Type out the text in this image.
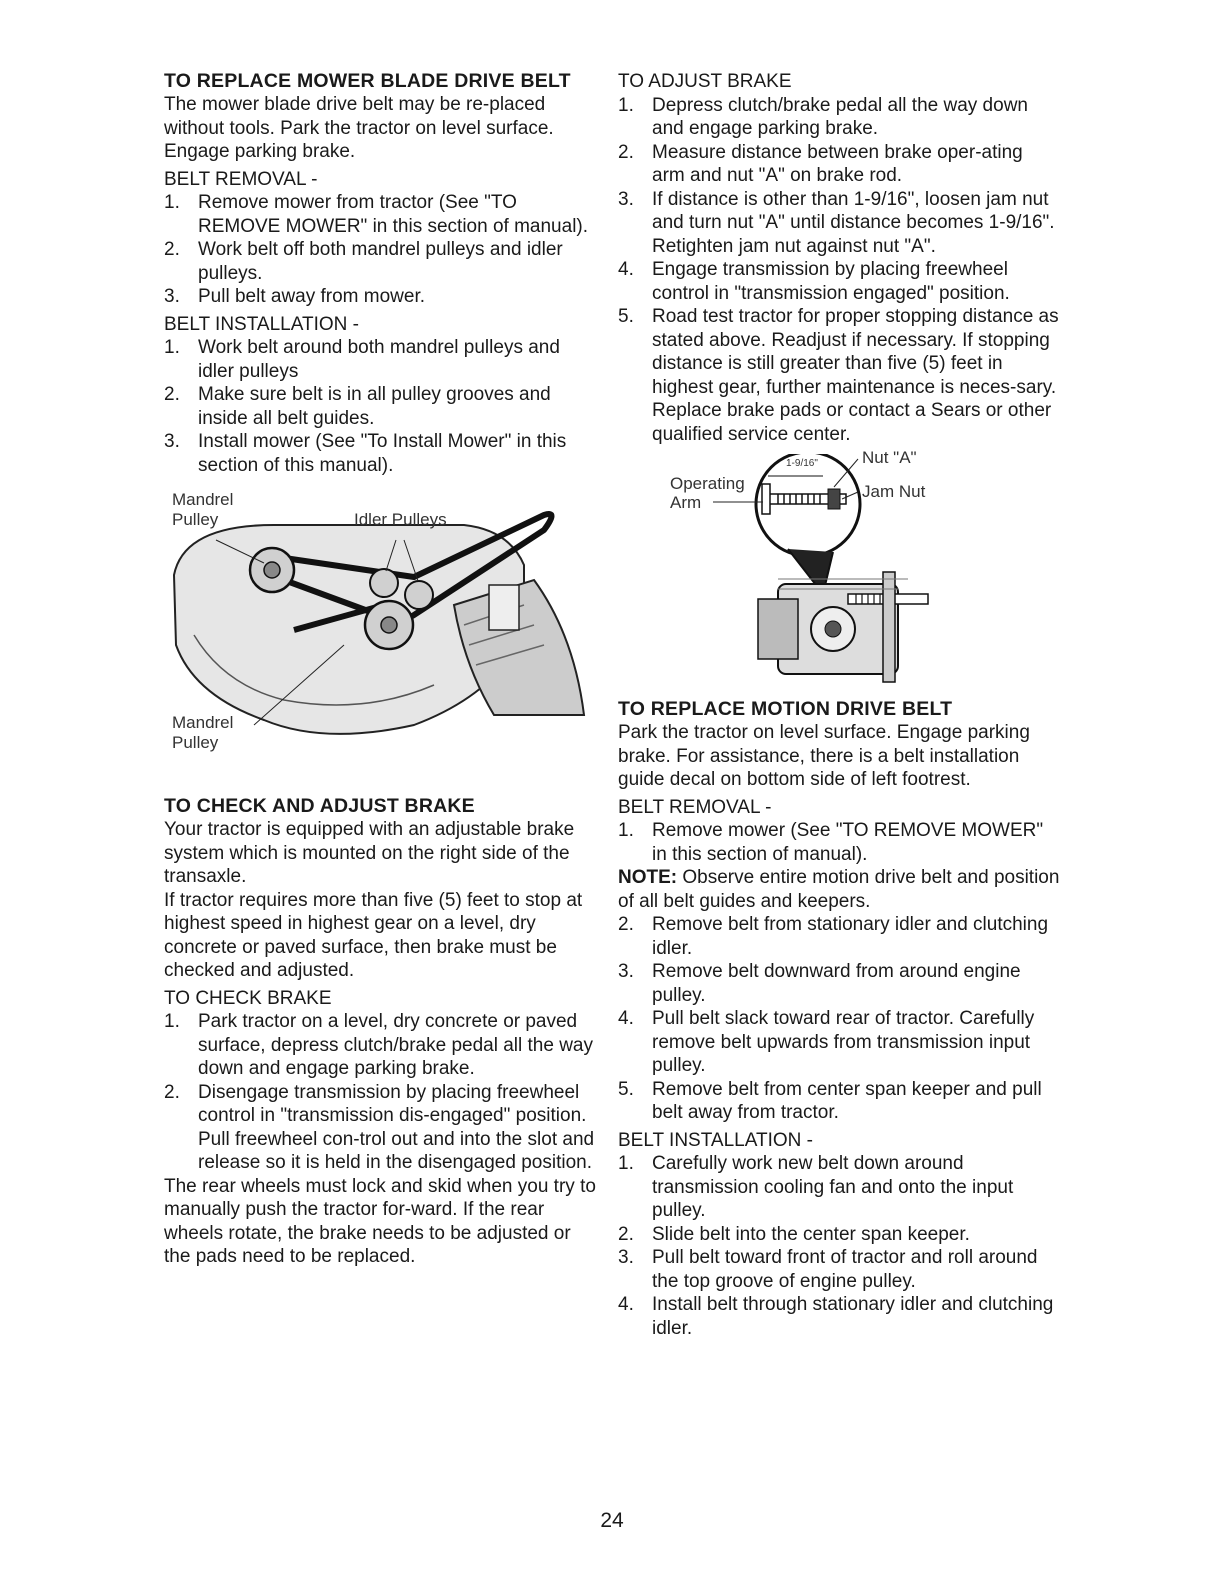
TO REPLACE MOWER BLADE DRIVE BELT

The mower blade drive belt may be re-placed without tools. Park the tractor on level surface. Engage parking brake.

BELT REMOVAL -

1. Remove mower from tractor (See "TO REMOVE MOWER" in this section of manual).
2. Work belt off both mandrel pulleys and idler pulleys.
3. Pull belt away from mower.

BELT INSTALLATION -

1. Work belt around both mandrel pulleys and idler pulleys
2. Make sure belt is in all pulley grooves and inside all belt guides.
3. Install mower (See "To Install Mower" in this section of this manual).
Mandrel Pulley	Idler Pulleys
Mandrel Pulley
TO CHECK AND ADJUST BRAKE

Your tractor is equipped with an adjustable brake system which is mounted on the right side of the transaxle.

If tractor requires more than five (5) feet to stop at highest speed in highest gear on a level, dry concrete or paved surface, then brake must be checked and adjusted.

TO CHECK BRAKE

1. Park tractor on a level, dry concrete or paved surface, depress clutch/brake pedal all the way down and engage parking brake.
2. Disengage transmission by placing freewheel control in "transmission dis-engaged" position. Pull freewheel con-trol out and into the slot and release so it is held in the disengaged position.

The rear wheels must lock and skid when you try to manually push the tractor for-ward. If the rear wheels rotate, the brake needs to be adjusted or the pads need to be replaced.

TO ADJUST BRAKE

1. Depress clutch/brake pedal all the way down and engage parking brake.
2. Measure distance between brake oper-ating arm and nut "A" on brake rod.
3. If distance is other than 1-9/16", loosen jam nut and turn nut "A" until distance becomes 1-9/16". Retighten jam nut against nut "A".
4. Engage transmission by placing freewheel control in "transmission engaged" position.
5. Road test tractor for proper stopping distance as stated above. Readjust if necessary. If stopping distance is still greater than five (5) feet in highest gear, further maintenance is neces-sary. Replace brake pads or contact a Sears or other qualified service center.
Operating Arm
Nut "A"
Jam Nut
1-9/16"
TO REPLACE MOTION DRIVE BELT

Park the tractor on level surface. Engage parking brake. For assistance, there is a belt installation guide decal on bottom side of left footrest.

BELT REMOVAL -

1. Remove mower (See "TO REMOVE MOWER" in this section of manual).

NOTE: Observe entire motion drive belt and position of all belt guides and keepers.

2. Remove belt from stationary idler and clutching idler.
3. Remove belt downward from around engine pulley.
4. Pull belt slack toward rear of tractor. Carefully remove belt upwards from transmission input pulley.
5. Remove belt from center span keeper and pull belt away from tractor.

BELT INSTALLATION -

1. Carefully work new belt down around transmission cooling fan and onto the input pulley.
2. Slide belt into the center span keeper.
3. Pull belt toward front of tractor and roll around the top groove of engine pulley.
4. Install belt through stationary idler and clutching idler.
24
